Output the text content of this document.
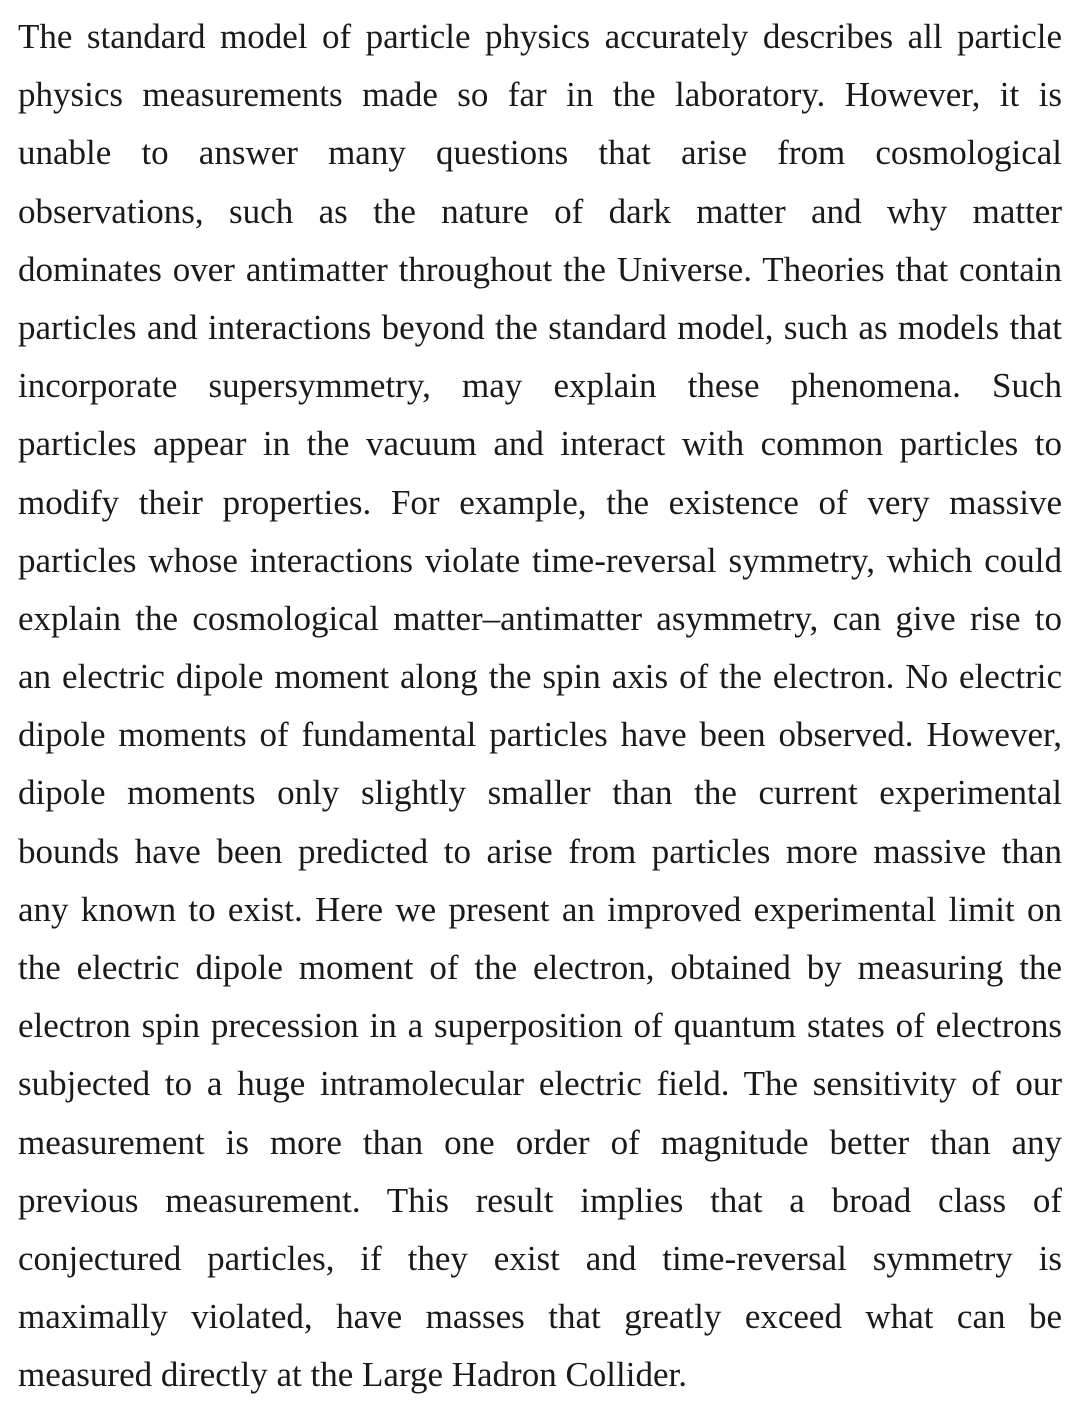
The standard model of particle physics accurately describes all particle
physics measurements made so far in the laboratory. However, it is
unable to answer many questions that arise from cosmological
observations, such as the nature of dark matter and why matter
dominates over antimatter throughout the Universe. Theories that contain
particles and interactions beyond the standard model, such as models that
incorporate supersymmetry, may explain these phenomena. Such
particles appear in the vacuum and interact with common particles to
modify their properties. For example, the existence of very massive
particles whose interactions violate time-reversal symmetry, which could
explain the cosmological matter–antimatter asymmetry, can give rise to
an electric dipole moment along the spin axis of the electron. No electric
dipole moments of fundamental particles have been observed. However,
dipole moments only slightly smaller than the current experimental
bounds have been predicted to arise from particles more massive than
any known to exist. Here we present an improved experimental limit on
the electric dipole moment of the electron, obtained by measuring the
electron spin precession in a superposition of quantum states of electrons
subjected to a huge intramolecular electric field. The sensitivity of our
measurement is more than one order of magnitude better than any
previous measurement. This result implies that a broad class of
conjectured particles, if they exist and time-reversal symmetry is
maximally violated, have masses that greatly exceed what can be
measured directly at the Large Hadron Collider.
